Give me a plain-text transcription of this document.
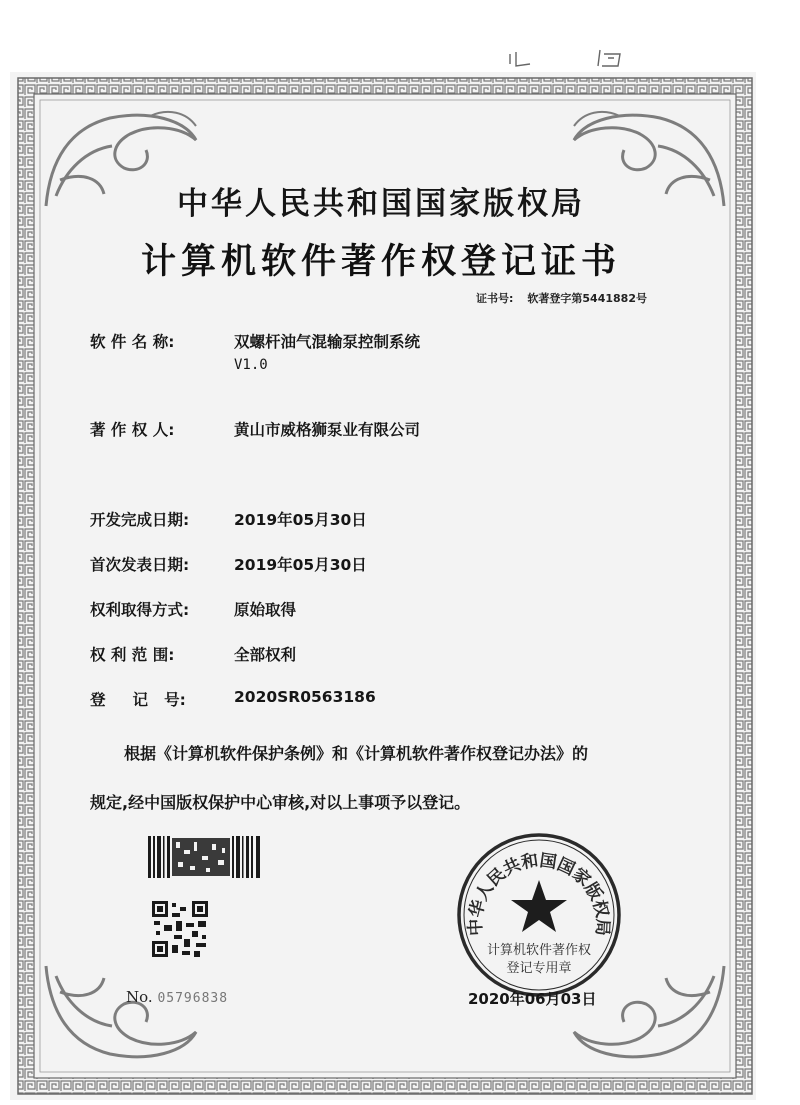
中华人民共和国国家版权局
计算机软件著作权登记证书
证书号: 软著登字第5441882号
软 件 名 称:	双螺杆油气混输泵控制系统
V1.0
著 作 权 人:	黄山市威格狮泵业有限公司
开发完成日期:	2019年05月30日
首次发表日期:	2019年05月30日
权利取得方式:	原始取得
权 利 范 围:	全部权利
登     记   号:	2020SR0563186
根据《计算机软件保护条例》和《计算机软件著作权登记办法》的
规定,经中国版权保护中心审核,对以上事项予以登记。
No. 05796838
中华人民共和国国家版权局
计算机软件著作权
登记专用章
2020年06月03日
